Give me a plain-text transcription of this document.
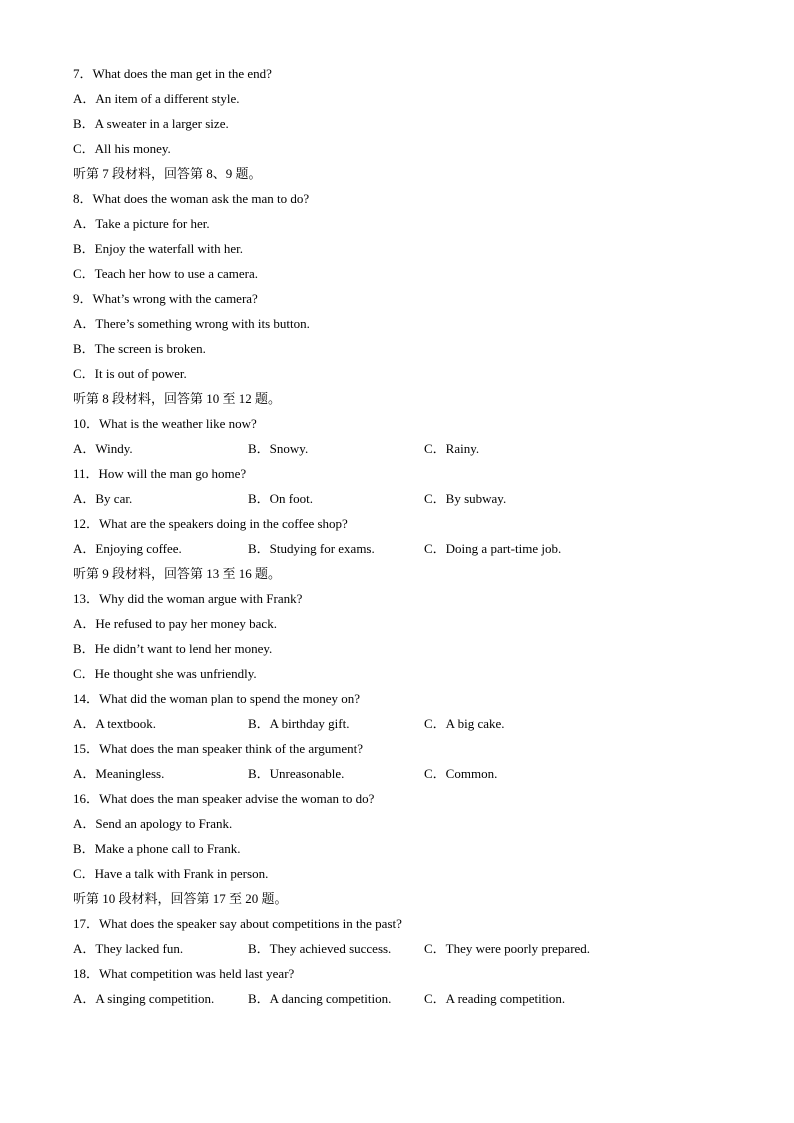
7．What does the man get in the end?
A．An item of a different style.
B．A sweater in a larger size.
C．All his money.
听第 7 段材料，回答第 8、9 题。
8．What does the woman ask the man to do?
A．Take a picture for her.
B．Enjoy the waterfall with her.
C．Teach her how to use a camera.
9．What’s wrong with the camera?
A．There’s something wrong with its button.
B．The screen is broken.
C．It is out of power.
听第 8 段材料，回答第 10 至 12 题。
10．What is the weather like now?
A．Windy.	B．Snowy.	C．Rainy.
11．How will the man go home?
A．By car.	B．On foot.	C．By subway.
12．What are the speakers doing in the coffee shop?
A．Enjoying coffee.	B．Studying for exams.	C．Doing a part-time job.
听第 9 段材料，回答第 13 至 16 题。
13．Why did the woman argue with Frank?
A．He refused to pay her money back.
B．He didn’t want to lend her money.
C．He thought she was unfriendly.
14．What did the woman plan to spend the money on?
A．A textbook.	B．A birthday gift.	C．A big cake.
15．What does the man speaker think of the argument?
A．Meaningless.	B．Unreasonable.	C．Common.
16．What does the man speaker advise the woman to do?
A．Send an apology to Frank.
B．Make a phone call to Frank.
C．Have a talk with Frank in person.
听第 10 段材料，回答第 17 至 20 题。
17．What does the speaker say about competitions in the past?
A．They lacked fun.	B．They achieved success.	C．They were poorly prepared.
18．What competition was held last year?
A．A singing competition.	B．A dancing competition.	C．A reading competition.
